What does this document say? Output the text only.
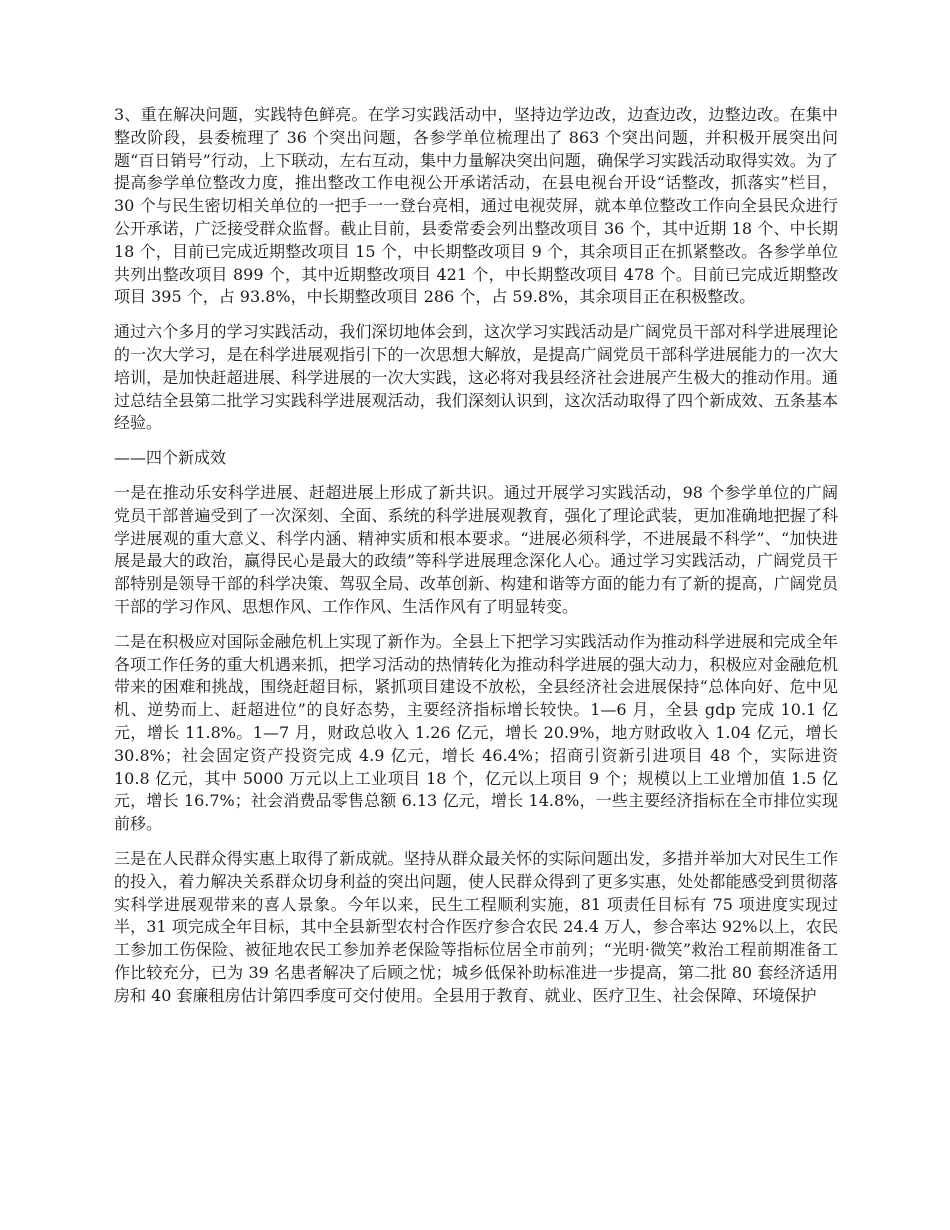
3、重在解决问题，实践特色鲜亮。在学习实践活动中，坚持边学边改，边查边改，边整边改。在集中整改阶段，县委梳理了 36 个突出问题，各参学单位梳理出了 863 个突出问题，并积极开展突出问题“百日销号”行动，上下联动，左右互动，集中力量解决突出问题，确保学习实践活动取得实效。为了提高参学单位整改力度，推出整改工作电视公开承诺活动，在县电视台开设“话整改，抓落实”栏目，30 个与民生密切相关单位的一把手一一登台亮相，通过电视荧屏，就本单位整改工作向全县民众进行公开承诺，广泛接受群众监督。截止目前，县委常委会列出整改项目 36 个，其中近期 18 个、中长期 18 个，目前已完成近期整改项目 15 个，中长期整改项目 9 个，其余项目正在抓紧整改。各参学单位共列出整改项目 899 个，其中近期整改项目 421 个，中长期整改项目 478 个。目前已完成近期整改项目 395 个，占 93.8%，中长期整改项目 286 个，占 59.8%，其余项目正在积极整改。

通过六个多月的学习实践活动，我们深切地体会到，这次学习实践活动是广阔党员干部对科学进展理论的一次大学习，是在科学进展观指引下的一次思想大解放，是提高广阔党员干部科学进展能力的一次大培训，是加快赶超进展、科学进展的一次大实践，这必将对我县经济社会进展产生极大的推动作用。通过总结全县第二批学习实践科学进展观活动，我们深刻认识到，这次活动取得了四个新成效、五条基本经验。

——四个新成效

一是在推动乐安科学进展、赶超进展上形成了新共识。通过开展学习实践活动，98 个参学单位的广阔党员干部普遍受到了一次深刻、全面、系统的科学进展观教育，强化了理论武装，更加准确地把握了科学进展观的重大意义、科学内涵、精神实质和根本要求。“进展必须科学，不进展最不科学”、“加快进展是最大的政治，赢得民心是最大的政绩”等科学进展理念深化人心。通过学习实践活动，广阔党员干部特别是领导干部的科学决策、驾驭全局、改革创新、构建和谐等方面的能力有了新的提高，广阔党员干部的学习作风、思想作风、工作作风、生活作风有了明显转变。

二是在积极应对国际金融危机上实现了新作为。全县上下把学习实践活动作为推动科学进展和完成全年各项工作任务的重大机遇来抓，把学习活动的热情转化为推动科学进展的强大动力，积极应对金融危机带来的困难和挑战，围绕赶超目标，紧抓项目建设不放松，全县经济社会进展保持“总体向好、危中见机、逆势而上、赶超进位”的良好态势，主要经济指标增长较快。1—6 月，全县 gdp 完成 10.1 亿元，增长 11.8%。1—7 月，财政总收入 1.26 亿元，增长 20.9%，地方财政收入 1.04 亿元，增长 30.8%；社会固定资产投资完成 4.9 亿元，增长 46.4%；招商引资新引进项目 48 个，实际进资 10.8 亿元，其中 5000 万元以上工业项目 18 个，亿元以上项目 9 个；规模以上工业增加值 1.5 亿元，增长 16.7%；社会消费品零售总额 6.13 亿元，增长 14.8%，一些主要经济指标在全市排位实现前移。

三是在人民群众得实惠上取得了新成就。坚持从群众最关怀的实际问题出发，多措并举加大对民生工作的投入，着力解决关系群众切身利益的突出问题，使人民群众得到了更多实惠，处处都能感受到贯彻落实科学进展观带来的喜人景象。今年以来，民生工程顺利实施，81 项责任目标有 75 项进度实现过半，31 项完成全年目标，其中全县新型农村合作医疗参合农民 24.4 万人，参合率达 92%以上，农民工参加工伤保险、被征地农民工参加养老保险等指标位居全市前列；“光明·微笑”救治工程前期准备工作比较充分，已为 39 名患者解决了后顾之忧；城乡低保补助标准进一步提高，第二批 80 套经济适用房和 40 套廉租房估计第四季度可交付使用。全县用于教育、就业、医疗卫生、社会保障、环境保护
